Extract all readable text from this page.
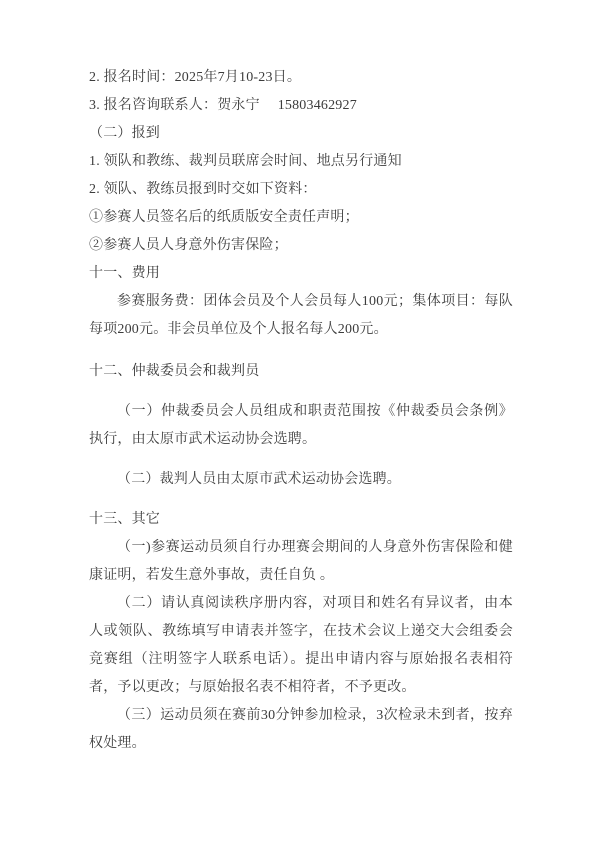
2. 报名时间：2025年7月10-23日。

3. 报名咨询联系人：贺永宁　 15803462927

（二）报到

1. 领队和教练、裁判员联席会时间、地点另行通知

2. 领队、教练员报到时交如下资料：

①参赛人员签名后的纸质版安全责任声明；

②参赛人员人身意外伤害保险；

十一、费用

参赛服务费：团体会员及个人会员每人100元；集体项目：每队每项200元。非会员单位及个人报名每人200元。

十二、仲裁委员会和裁判员

（一）仲裁委员会人员组成和职责范围按《仲裁委员会条例》执行，由太原市武术运动协会选聘。

（二）裁判人员由太原市武术运动协会选聘。

十三、其它

（一)参赛运动员须自行办理赛会期间的人身意外伤害保险和健康证明，若发生意外事故，责任自负 。

（二）请认真阅读秩序册内容，对项目和姓名有异议者，由本人或领队、教练填写申请表并签字，在技术会议上递交大会组委会竞赛组（注明签字人联系电话）。提出申请内容与原始报名表相符者，予以更改；与原始报名表不相符者，不予更改。

（三）运动员须在赛前30分钟参加检录，3次检录未到者，按弃权处理。
